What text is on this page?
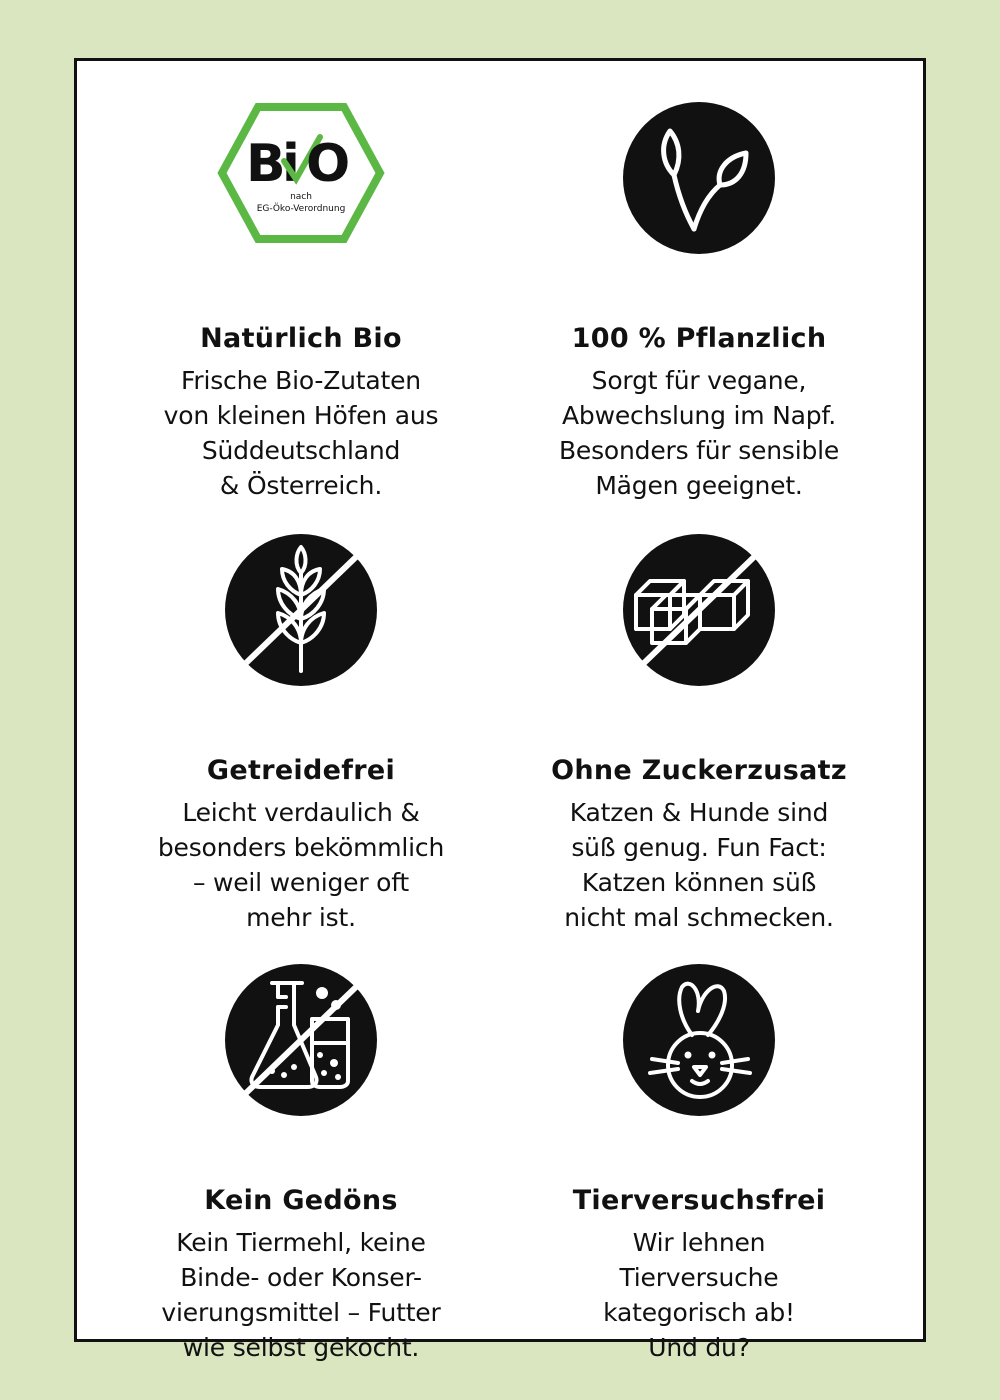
B
i O
nach
EG-Öko-Verordnung
Natürlich Bio
Frische Bio-Zutaten
von kleinen Höfen aus
Süddeutschland
& Österreich.
100 % Pflanzlich
Sorgt für vegane,
Abwechslung im Napf.
Besonders für sensible
Mägen geeignet.
Getreidefrei
Leicht verdaulich &
besonders bekömmlich
– weil weniger oft
mehr ist.
Ohne Zuckerzusatz
Katzen & Hunde sind
süß genug. Fun Fact:
Katzen können süß
nicht mal schmecken.
Kein Gedöns
Kein Tiermehl, keine
Binde- oder Konser-
vierungsmittel – Futter
wie selbst gekocht.
Tierversuchsfrei
Wir lehnen
Tierversuche
kategorisch ab!
Und du?
